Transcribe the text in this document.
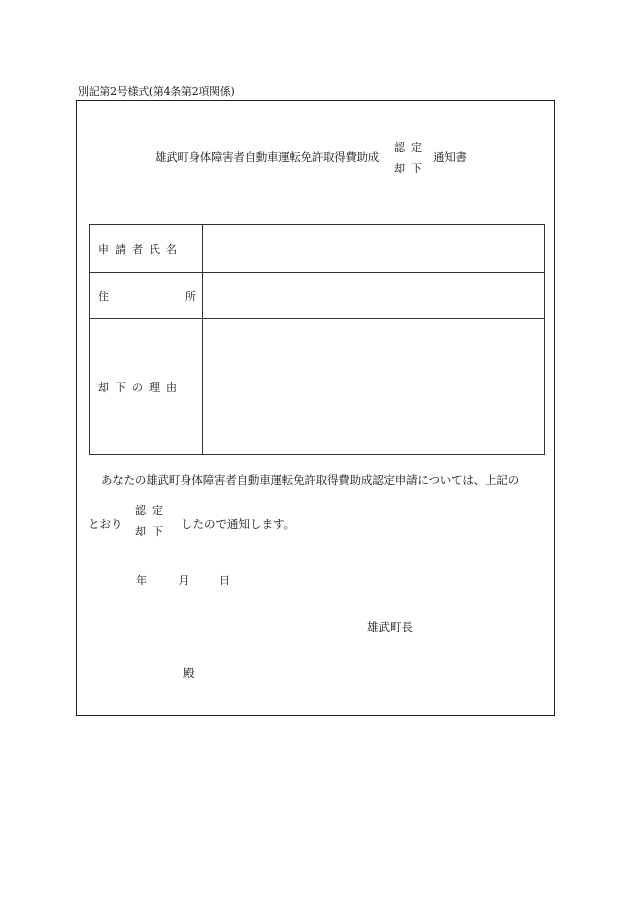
別記第2号様式(第4条第2項関係)
雄武町身体障害者自動車運転免許取得費助成
認定
却下
通知書
申請者氏名	

住 所	

却下の理由	
あなたの雄武町身体障害者自動車運転免許取得費助成認定申請については、上記の
とおり
認定
却下
したので通知します。
年	月	日
雄武町長
殿
